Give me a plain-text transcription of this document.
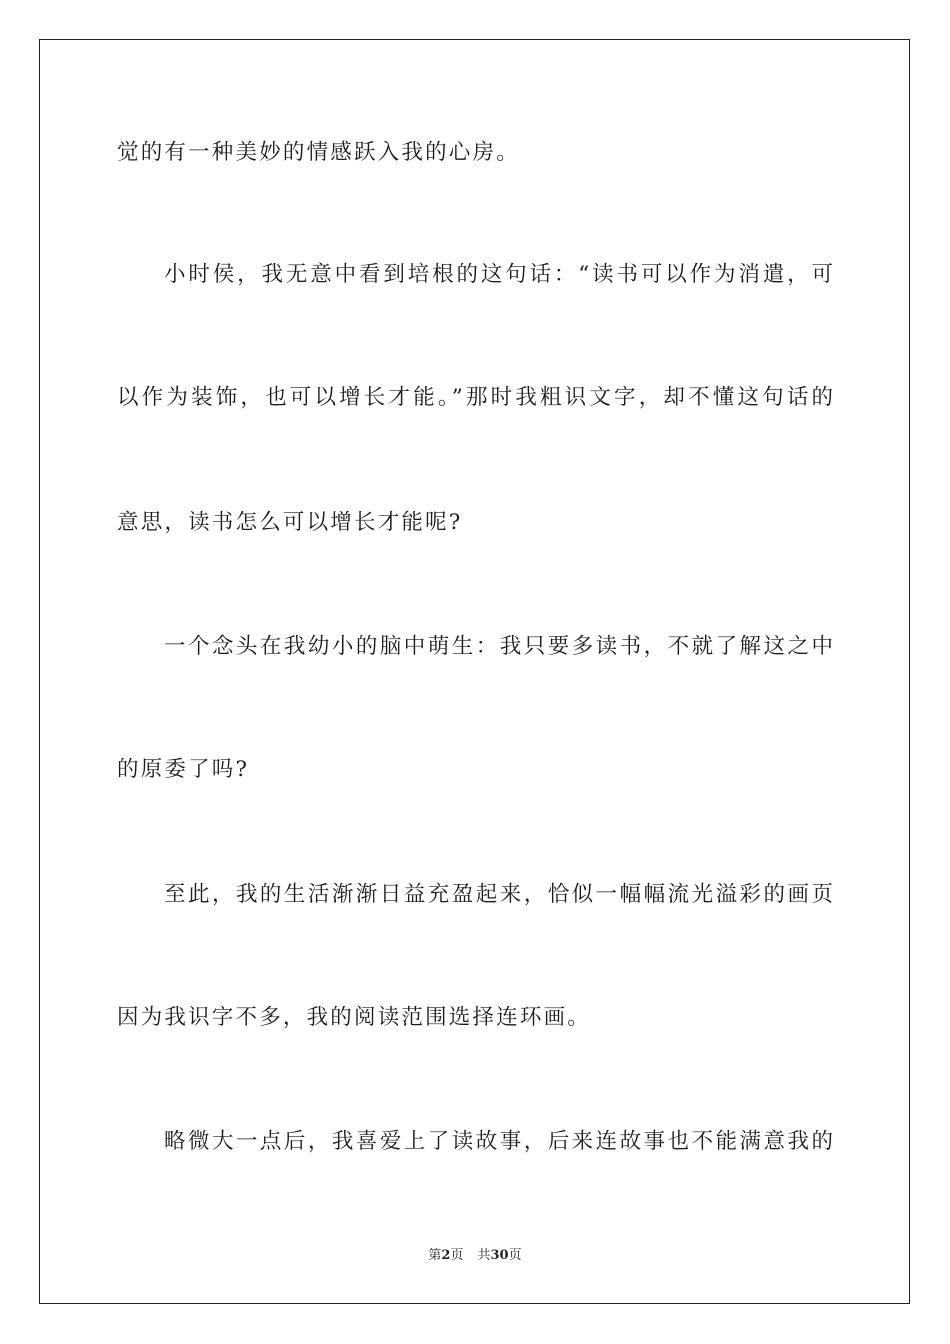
觉的有一种美妙的情感跃入我的心房。
小时侯，我无意中看到培根的这句话：“读书可以作为消遣，可
以作为装饰，也可以增长才能。”那时我粗识文字，却不懂这句话的
意思，读书怎么可以增长才能呢?
一个念头在我幼小的脑中萌生：我只要多读书，不就了解这之中
的原委了吗?
至此，我的生活渐渐日益充盈起来，恰似一幅幅流光溢彩的画页
因为我识字不多，我的阅读范围选择连环画。
略微大一点后，我喜爱上了读故事，后来连故事也不能满意我的
第2页 共30页
